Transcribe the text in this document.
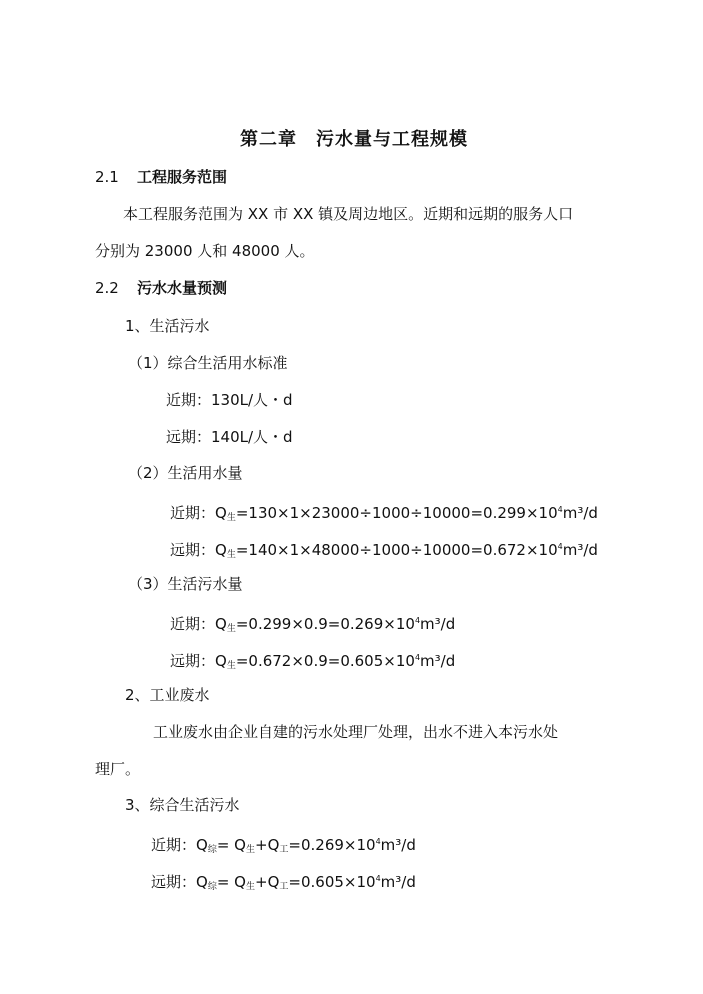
第二章　污水量与工程规模
2.1 工程服务范围
本工程服务范围为 XX 市 XX 镇及周边地区。近期和远期的服务人口
分别为 23000 人和 48000 人。
2.2 污水水量预测
1、生活污水
（1）综合生活用水标准
近期：130L/人・d
远期：140L/人・d
（2）生活用水量
近期：$Q_生=130\times 1\times 23000\div 1000\div 10000=0.299\times 10^4m^3/d$
远期：$Q_生=140\times 1\times 48000\div 1000\div 10000=0.672\times 10^4m^3/d$
（3）生活污水量
近期：$Q_生=0.299\times 0.9=0.269\times 10^4m^3/d$
远期：$Q_生=0.672\times 0.9=0.605\times 10^4m^3/d$
2、工业废水
工业废水由企业自建的污水处理厂处理，出水不进入本污水处
理厂。
3、综合生活污水
近期：$Q_综= Q_生+Q_工=0.269\times 10^4m^3/d$
远期：$Q_综= Q_生+Q_工=0.605\times 10^4m^3/d$
